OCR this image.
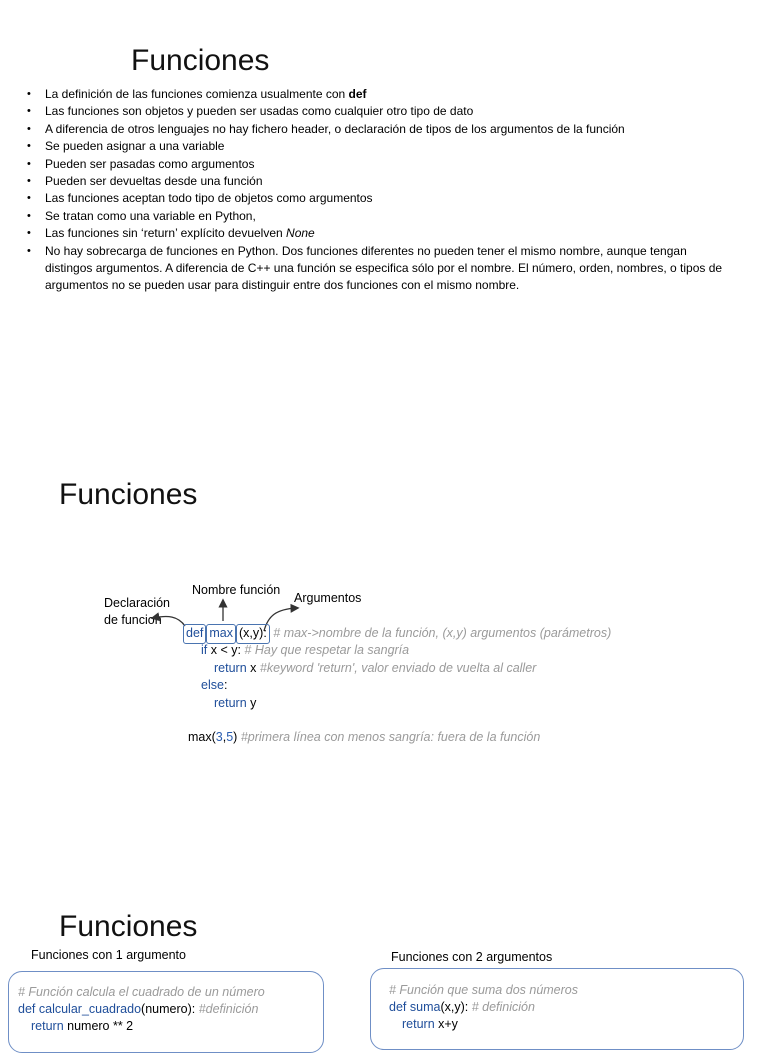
Funciones
• La definición de las funciones comienza usualmente con def
• Las funciones son objetos y pueden ser usadas como cualquier otro tipo de dato
• A diferencia de otros lenguajes no hay fichero header, o declaración de tipos de los argumentos de la función
• Se pueden asignar a una variable
• Pueden ser pasadas como argumentos
• Pueden ser devueltas desde una función
• Las funciones aceptan todo tipo de objetos como argumentos
• Se tratan como una variable en Python,
• Las funciones sin ‘return’ explícito devuelven None
• No hay sobrecarga de funciones en Python. Dos funciones diferentes no pueden tener el mismo nombre, aunque tengan distingos argumentos. A diferencia de C++ una función se especifica sólo por el nombre. El número, orden, nombres, o tipos de argumentos no se pueden usar para distinguir entre dos funciones con el mismo nombre.
Funciones
Declaración
de funcion
Nombre función
Argumentos
def max (x,y): # max->nombre de la función, (x,y) argumentos (parámetros)
if x < y: # Hay que respetar la sangría
return x #keyword 'return', valor enviado de vuelta al caller
else:
return y
max(3,5) #primera línea con menos sangría: fuera de la función
Funciones
Funciones con 1 argumento	Funciones con 2 argumentos
# Función calcula el cuadrado de un número
def calcular_cuadrado(numero): #definición
return numero ** 2
# Función que suma dos números
def suma(x,y): # definición
return x+y
